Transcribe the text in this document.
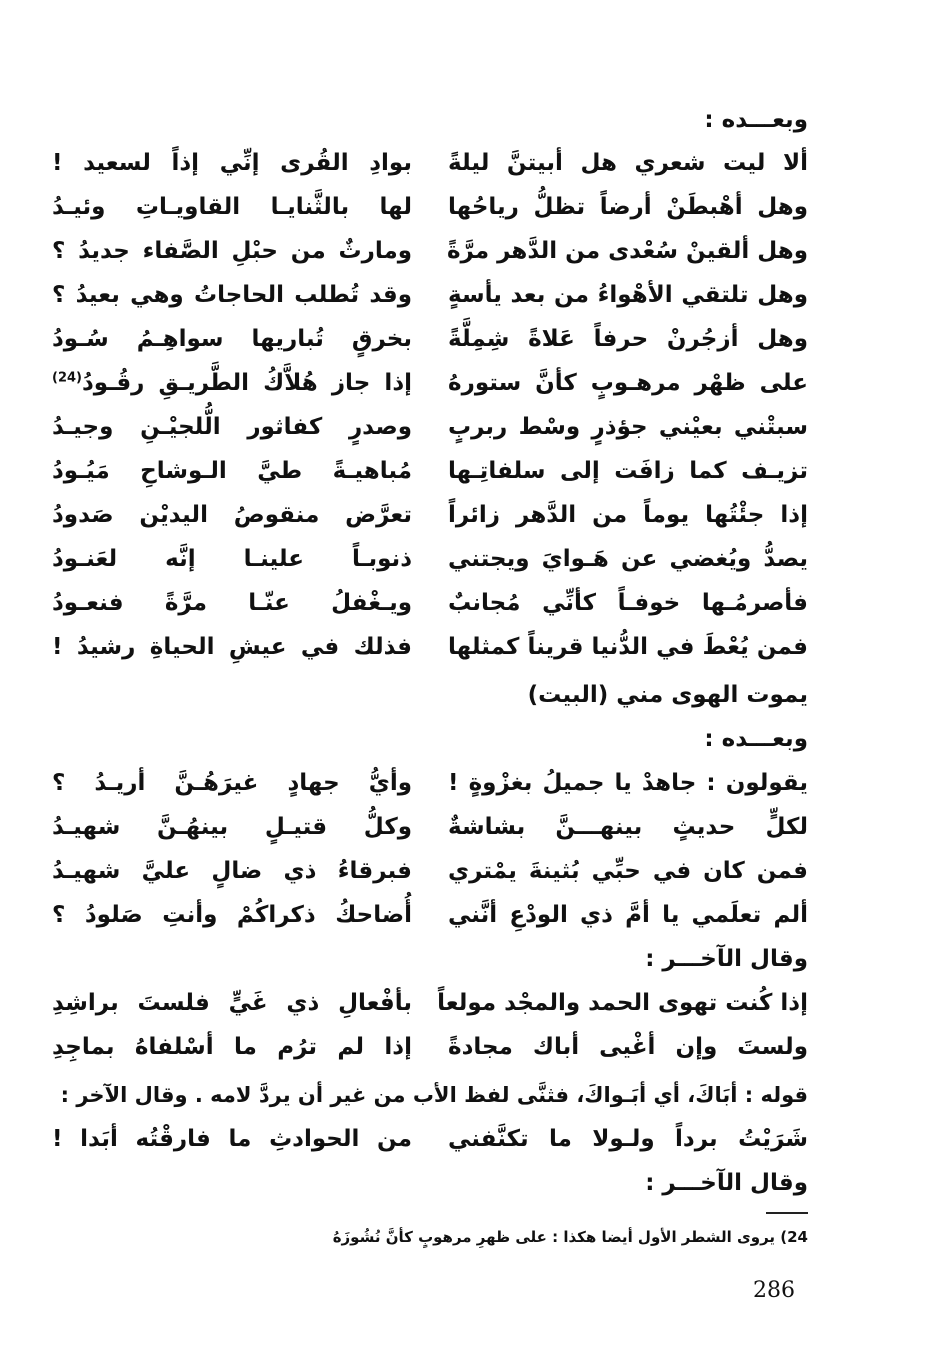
وبعـــده :
ألا ليت شعري هل أبيتنَّ ليلةً
بوادِ القُرى إنِّي إذاً لسعيد !
وهل أهْبطَنْ أرضاً تظلُّ رياحُها
لها بالثَّنايـا القاويـاتِ وئيـدُ
وهل ألقينْ سُعْدى من الدَّهر مرَّةً
ومارثٌ من حبْلِ الصَّفاء جديدُ ؟
وهل تلتقي الأهْواءُ من بعد يأسةٍ
وقد تُطلب الحاجاتُ وهي بعيدُ ؟
وهل أزجُرنْ حرفاً عَلاةً شِمِلَّةً
بخرقٍ تُباريها سواهِـمُ سُـودُ
على ظهْر مرهـوبٍ كأنَّ ستورهُ
إذا جاز هُلاَّكُ الطَّريـقِ رقُـودُ$^{(24)}$
سبتْني بعيْني جؤذرٍ وسْط ربربٍ
وصدرٍ كفاثور الُّلجيْـنِ وجيـدُ
تزيـف كما زافَت إلى سلفاتِـها
مُباهيـةً طيَّ الـوشاحِ مَيُـودُ
إذا جئْتُها يوماً من الدَّهر زائراً
تعرَّض منقوصُ اليديْن صَدودُ
يصدُّ ويُغضي عن هَـوايَ ويجتني
ذنوبـاً علينـا إنَّه لعَنـودُ
فأصرمُـها خوفـاً كأنِّي مُجانبٌ
ويـغْفلُ عنّـا مرَّةً فنعـودُ
فمن يُعْطَ في الدُّنيا قريناً كمثلها
فذلك في عيشِ الحياةِ رشيدُ !
يموت الهوى مني (البيت)
وبعـــده :
يقولون : جاهدْ يا جميلُ بغزْوةٍ !
وأيُّ جهادٍ غيرَهُـنَّ أريـدُ ؟
لكلٍّ حديثٍ بينهـــنَّ بشاشةٌ
وكلُّ قتيـلٍ بينهُـنَّ شهيـدُ
فمن كان في حبِّي بُثينةَ يمْتري
فبرقاءُ ذي ضالٍ عليَّ شهيـدُ
ألم تعلَمي يا أمَّ ذي الودْعِ أنَّني
أُضاحكُ ذكراكُمْ وأنتِ صَلودُ ؟
وقال الآخـــر :
إذا كُنت تهوى الحمد والمجْد مولعاً
بأفْعالِ ذي غَيٍّ فلستَ براشِدِ
ولستَ وإن أغْيى أباك مجادةً
إذا لم ترُم ما أسْلفاهُ بماجِدِ
قوله : أبَاكَ، أي أبَـواكَ، فثنَّى لفظ الأب من غير أن يردَّ لامه . وقال الآخر :
شَرَيْتُ برداً ولـولا ما تكنَّفني
من الحوادثِ ما فارقْتُه أبَدا !
وقال الآخـــر :
24) يروى الشطر الأول أيضا هكذا : على ظهرِ مرهوبٍ كأنَّ نُشُوزَهُ
286
